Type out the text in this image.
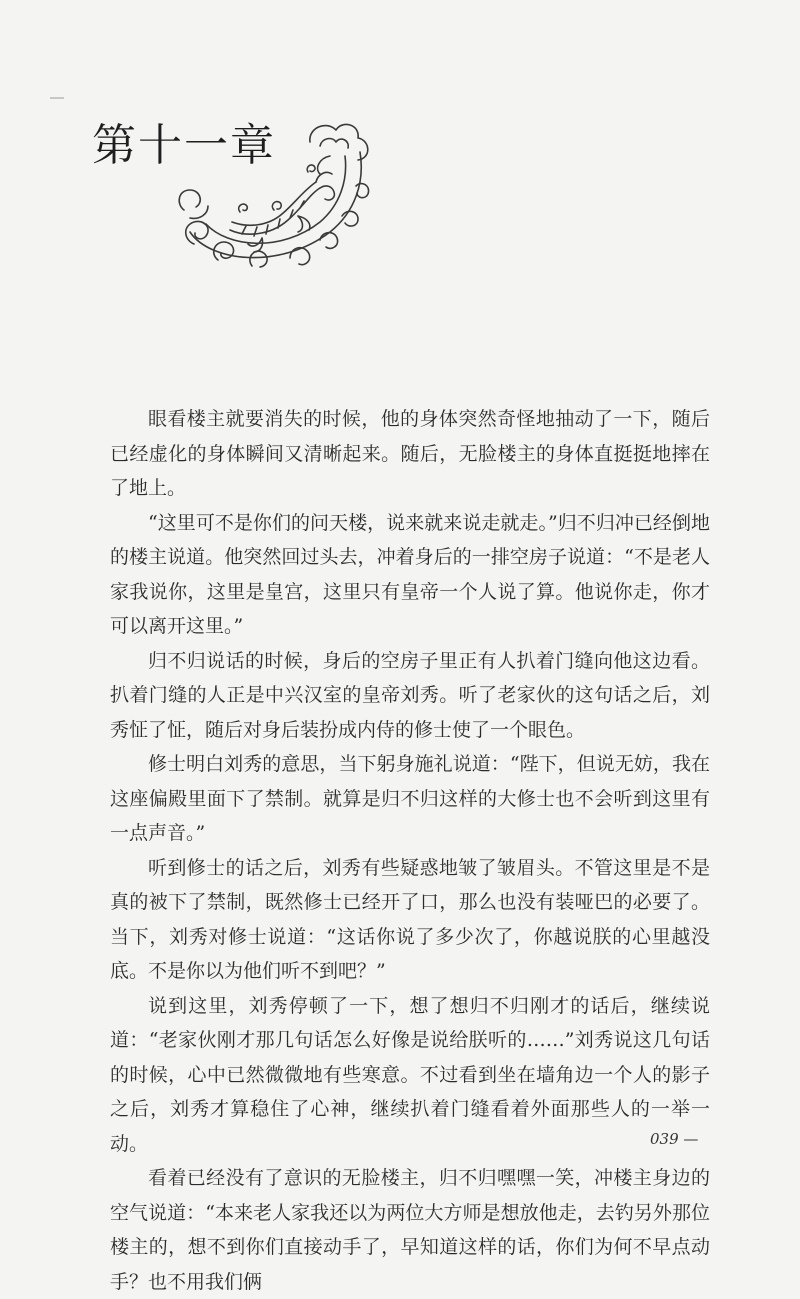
第十一章

眼看楼主就要消失的时候，他的身体突然奇怪地抽动了一下，随后已经虚化的身体瞬间又清晰起来。随后，无脸楼主的身体直挺挺地摔在了地上。

“这里可不是你们的问天楼，说来就来说走就走。”归不归冲已经倒地的楼主说道。他突然回过头去，冲着身后的一排空房子说道：“不是老人家我说你，这里是皇宫，这里只有皇帝一个人说了算。他说你走，你才可以离开这里。”

归不归说话的时候，身后的空房子里正有人扒着门缝向他这边看。扒着门缝的人正是中兴汉室的皇帝刘秀。听了老家伙的这句话之后，刘秀怔了怔，随后对身后装扮成内侍的修士使了一个眼色。

修士明白刘秀的意思，当下躬身施礼说道：“陛下，但说无妨，我在这座偏殿里面下了禁制。就算是归不归这样的大修士也不会听到这里有一点声音。”

听到修士的话之后，刘秀有些疑惑地皱了皱眉头。不管这里是不是真的被下了禁制，既然修士已经开了口，那么也没有装哑巴的必要了。当下，刘秀对修士说道：“这话你说了多少次了，你越说朕的心里越没底。不是你以为他们听不到吧？”

说到这里，刘秀停顿了一下，想了想归不归刚才的话后，继续说道：“老家伙刚才那几句话怎么好像是说给朕听的……”刘秀说这几句话的时候，心中已然微微地有些寒意。不过看到坐在墙角边一个人的影子之后，刘秀才算稳住了心神，继续扒着门缝看着外面那些人的一举一动。

看着已经没有了意识的无脸楼主，归不归嘿嘿一笑，冲楼主身边的空气说道：“本来老人家我还以为两位大方师是想放他走，去钓另外那位楼主的，想不到你们直接动手了，早知道这样的话，你们为何不早点动手？也不用我们俩

039 —
